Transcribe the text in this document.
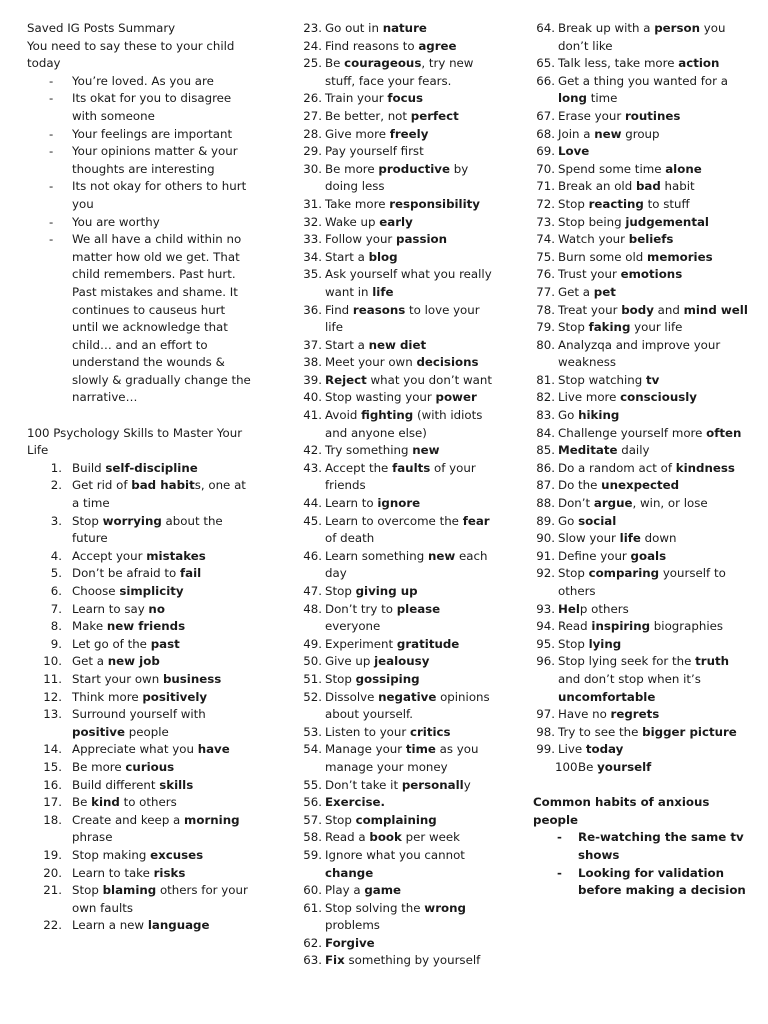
Saved IG Posts Summary

You need to say these to your child today

- You’re loved. As you are
- Its okat for you to disagree with someone
- Your feelings are important
- Your opinions matter & your thoughts are interesting
- Its not okay for others to hurt you
- You are worthy
- We all have a child within no matter how old we get. That child remembers. Past hurt. Past mistakes and shame. It continues to causeus hurt until we acknowledge that child… and an effort to understand the wounds & slowly & gradually change the narrative…

100 Psychology Skills to Master Your Life

1. Build self-discipline
2. Get rid of bad habits, one at a time
3. Stop worrying about the future
4. Accept your mistakes
5. Don’t be afraid to fail
6. Choose simplicity
7. Learn to say no
8. Make new friends
9. Let go of the past
10. Get a new job
11. Start your own business
12. Think more positively
13. Surround yourself with positive people
14. Appreciate what you have
15. Be more curious
16. Build different skills
17. Be kind to others
18. Create and keep a morning phrase
19. Stop making excuses
20. Learn to take risks
21. Stop blaming others for your own faults
22. Learn a new language
23. Go out in nature
24. Find reasons to agree
25. Be courageous, try new stuff, face your fears.
26. Train your focus
27. Be better, not perfect
28. Give more freely
29. Pay yourself first
30. Be more productive by doing less
31. Take more responsibility
32. Wake up early
33. Follow your passion
34. Start a blog
35. Ask yourself what you really want in life
36. Find reasons to love your life
37. Start a new diet
38. Meet your own decisions
39. Reject what you don’t want
40. Stop wasting your power
41. Avoid fighting (with idiots and anyone else)
42. Try something new
43. Accept the faults of your friends
44. Learn to ignore
45. Learn to overcome the fear of death
46. Learn something new each day
47. Stop giving up
48. Don’t try to please everyone
49. Experiment gratitude
50. Give up jealousy
51. Stop gossiping
52. Dissolve negative opinions about yourself.
53. Listen to your critics
54. Manage your time as you manage your money
55. Don’t take it personally
56. Exercise.
57. Stop complaining
58. Read a book per week
59. Ignore what you cannot change
60. Play a game
61. Stop solving the wrong problems
62. Forgive
63. Fix something by yourself
64. Break up with a person you don’t like
65. Talk less, take more action
66. Get a thing you wanted for a long time
67. Erase your routines
68. Join a new group
69. Love
70. Spend some time alone
71. Break an old bad habit
72. Stop reacting to stuff
73. Stop being judgemental
74. Watch your beliefs
75. Burn some old memories
76. Trust your emotions
77. Get a pet
78. Treat your body and mind well
79. Stop faking your life
80. Analyzqa and improve your weakness
81. Stop watching tv
82. Live more consciously
83. Go hiking
84. Challenge yourself more often
85. Meditate daily
86. Do a random act of kindness
87. Do the unexpected
88. Don’t argue, win, or lose
89. Go social
90. Slow your life down
91. Define your goals
92. Stop comparing yourself to others
93. Help others
94. Read inspiring biographies
95. Stop lying
96. Stop lying seek for the truth and don’t stop when it’s uncomfortable
97. Have no regrets
98. Try to see the bigger picture
99. Live today
100.
Be yourself

Common habits of anxious people

- Re-watching the same tv shows
- Looking for validation before making a decision
